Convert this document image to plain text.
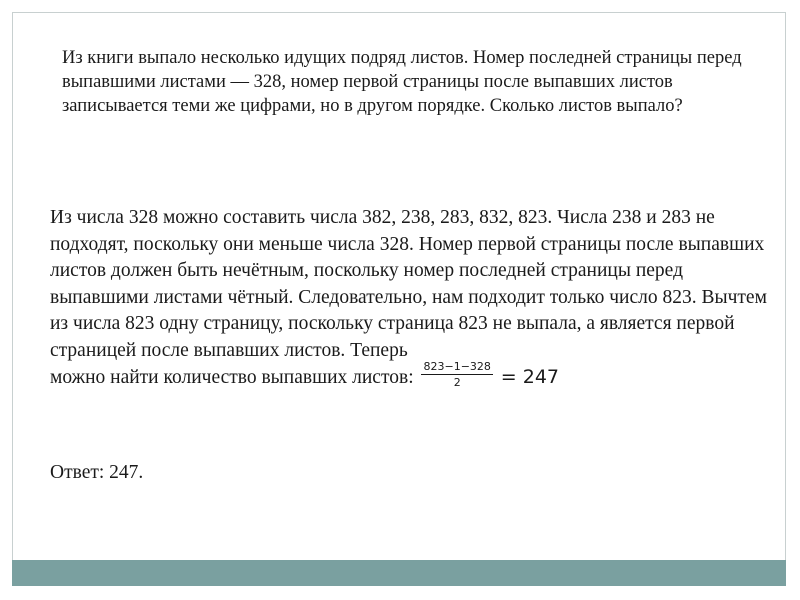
Из книги выпало несколько идущих подряд листов. Номер последней страницы перед выпавшими листами — 328, номер первой страницы после выпавших листов записывается теми же цифрами, но в другом порядке. Сколько листов выпало?
Из числа 328 можно составить числа 382, 238, 283, 832, 823. Числа 238 и 283 не подходят, поскольку они меньше числа 328. Номер первой страницы после выпавших листов должен быть нечётным, поскольку номер последней страницы перед выпавшими листами чётный. Следовательно, нам подходит только число 823. Вычтем из числа 823 одну страницу, поскольку страница 823 не выпала, а является первой страницей после выпавших листов. Теперь
можно найти количество выпавших листов: $\frac{823-1-328}{2} = 247$
Ответ: 247.
